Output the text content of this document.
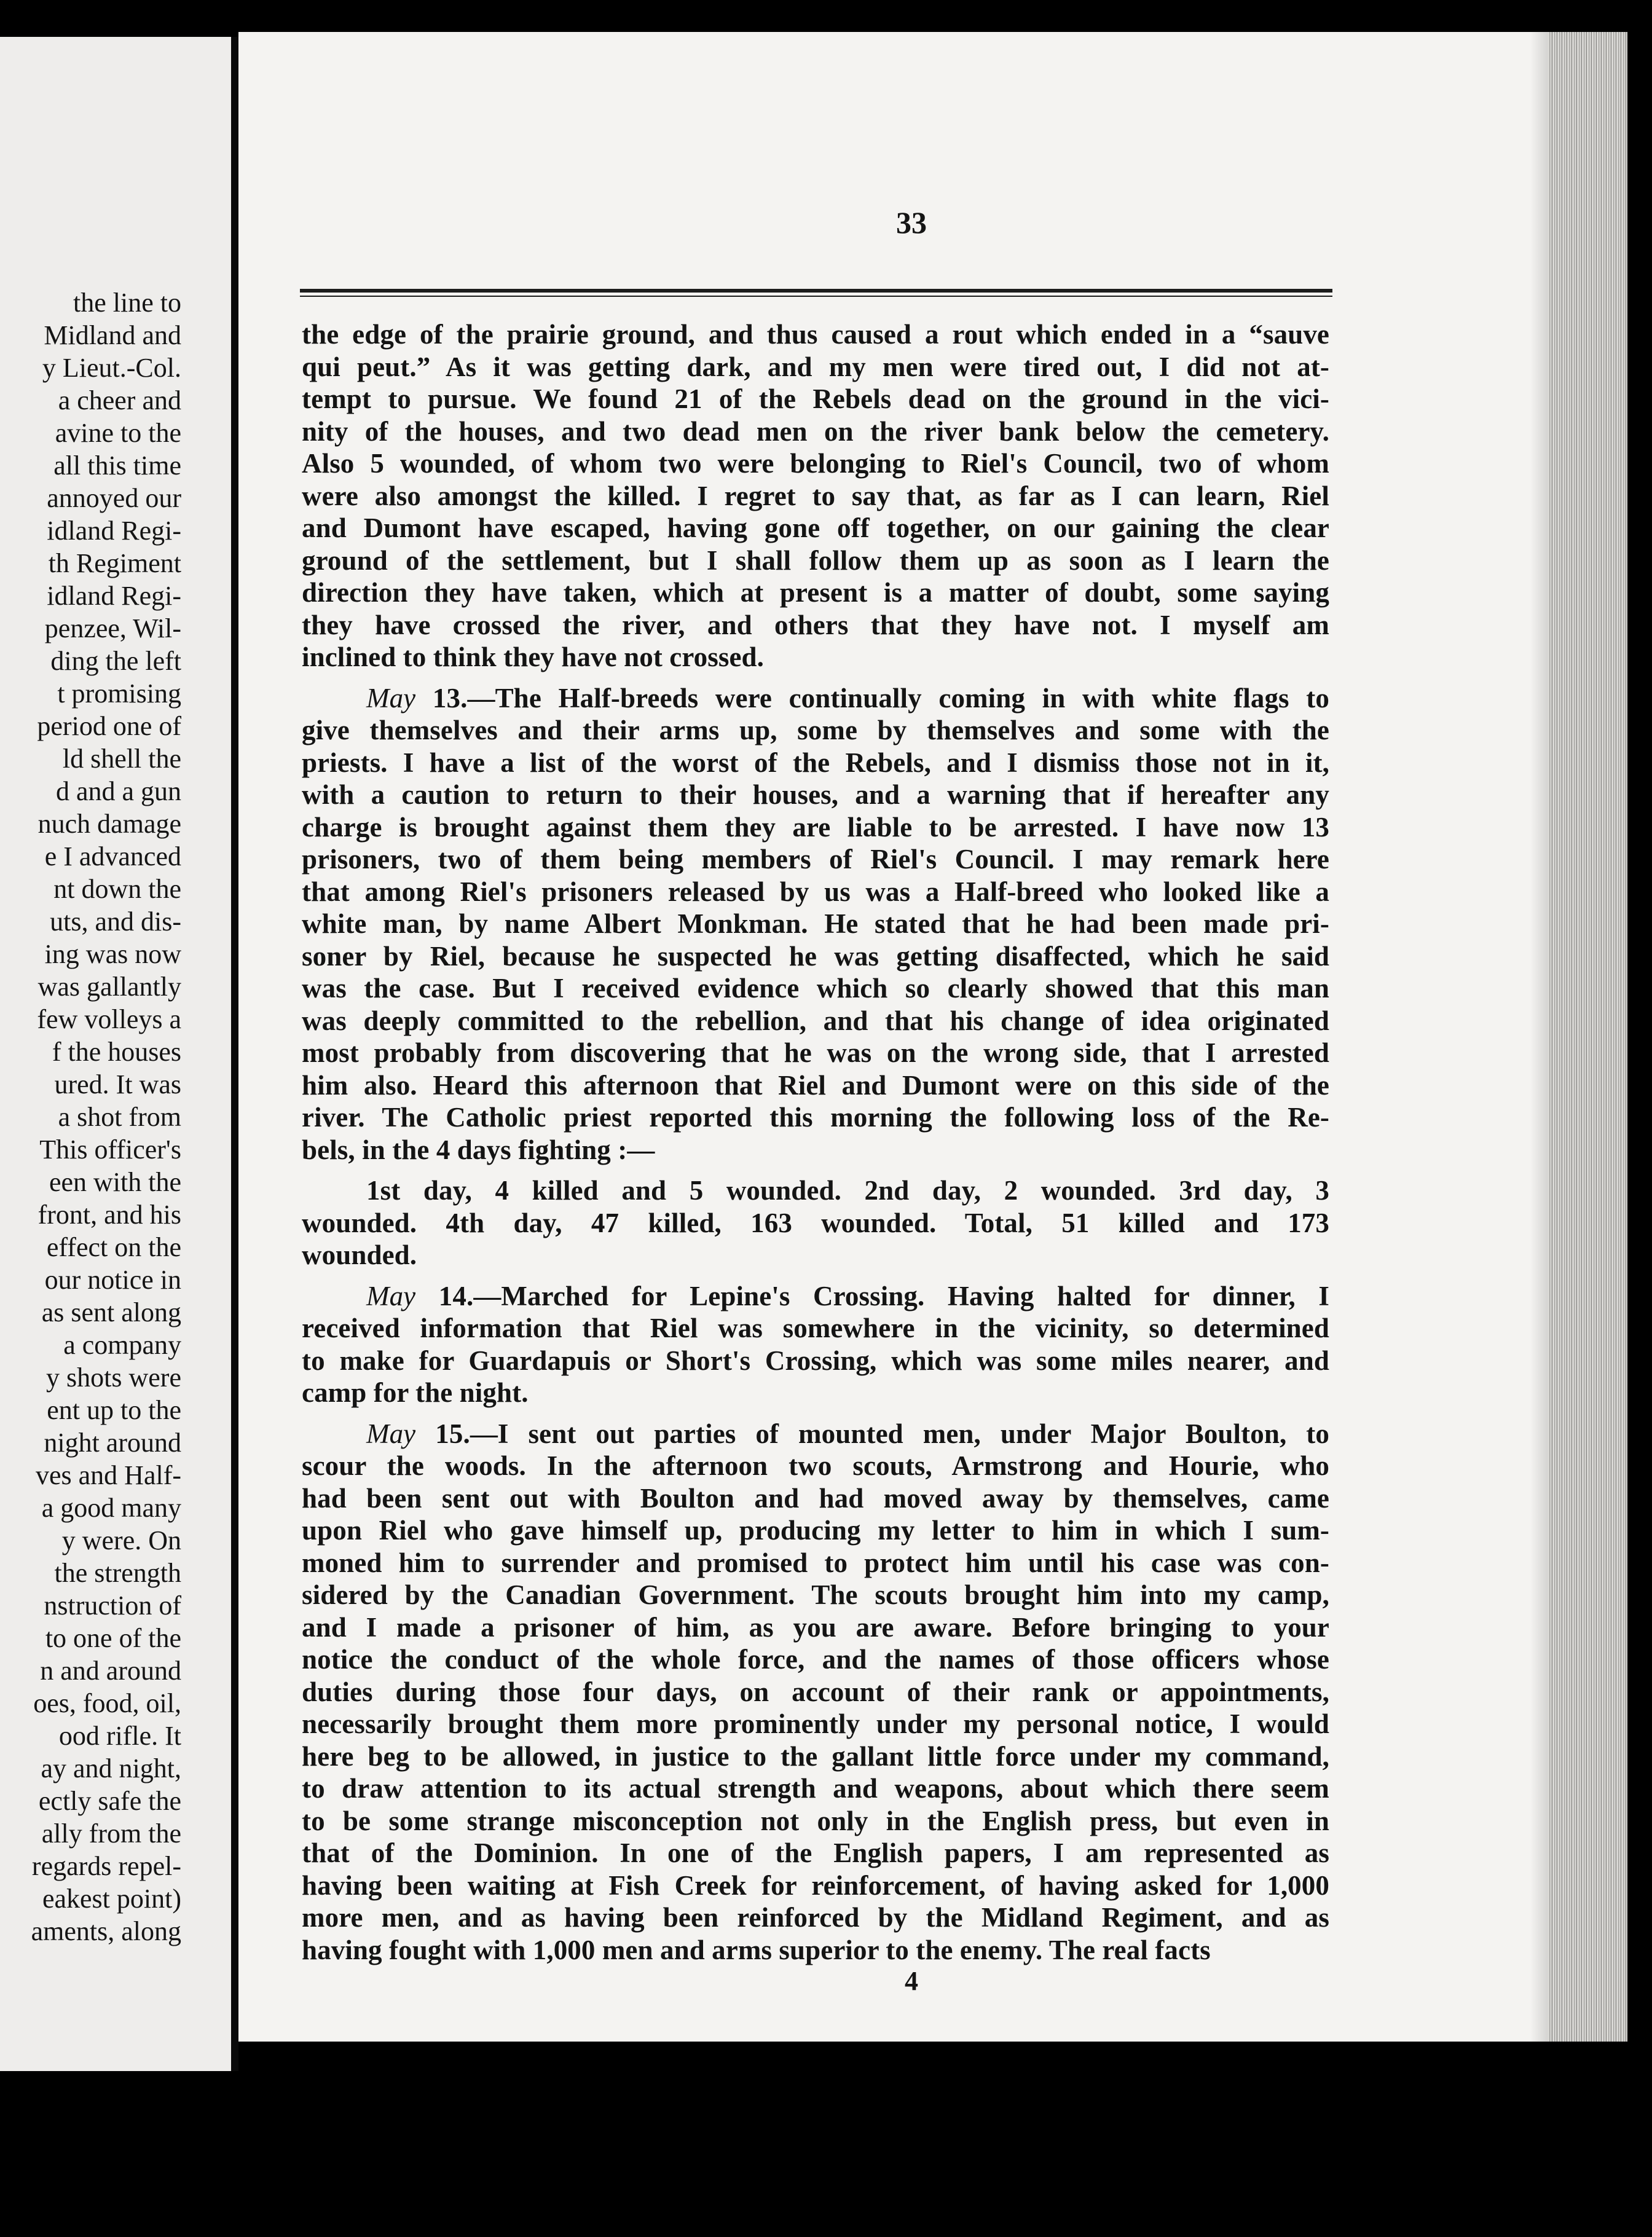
the line to
Midland and
y Lieut.-Col.
a cheer and
avine to the
all this time
annoyed our
idland Regi-
th Regiment
idland Regi-
penzee, Wil-
ding the left
t promising
period one of
ld shell the
d and a gun
nuch damage
e I advanced
nt down the
uts, and dis-
ing was now
was gallantly
few volleys a
f the houses
ured. It was
a shot from
This officer's
een with the
front, and his
effect on the
our notice in
as sent along
a company
y shots were
ent up to the
night around
ves and Half-
a good many
y were. On
the strength
nstruction of
to one of the
n and around
oes, food, oil,
ood rifle. It
ay and night,
ectly safe the
ally from the
regards repel-
eakest point)
aments, along
33
the edge of the prairie ground, and thus caused a rout which ended in a “sauve
qui peut.” As it was getting dark, and my men were tired out, I did not at-
tempt to pursue. We found 21 of the Rebels dead on the ground in the vici-
nity of the houses, and two dead men on the river bank below the cemetery.
Also 5 wounded, of whom two were belonging to Riel's Council, two of whom
were also amongst the killed. I regret to say that, as far as I can learn, Riel
and Dumont have escaped, having gone off together, on our gaining the clear
ground of the settlement, but I shall follow them up as soon as I learn the
direction they have taken, which at present is a matter of doubt, some saying
they have crossed the river, and others that they have not. I myself am
inclined to think they have not crossed.
May 13.—The Half-breeds were continually coming in with white flags to
give themselves and their arms up, some by themselves and some with the
priests. I have a list of the worst of the Rebels, and I dismiss those not in it,
with a caution to return to their houses, and a warning that if hereafter any
charge is brought against them they are liable to be arrested. I have now 13
prisoners, two of them being members of Riel's Council. I may remark here
that among Riel's prisoners released by us was a Half-breed who looked like a
white man, by name Albert Monkman. He stated that he had been made pri-
soner by Riel, because he suspected he was getting disaffected, which he said
was the case. But I received evidence which so clearly showed that this man
was deeply committed to the rebellion, and that his change of idea originated
most probably from discovering that he was on the wrong side, that I arrested
him also. Heard this afternoon that Riel and Dumont were on this side of the
river. The Catholic priest reported this morning the following loss of the Re-
bels, in the 4 days fighting :—
1st day, 4 killed and 5 wounded. 2nd day, 2 wounded. 3rd day, 3
wounded. 4th day, 47 killed, 163 wounded. Total, 51 killed and 173
wounded.
May 14.—Marched for Lepine's Crossing. Having halted for dinner, I
received information that Riel was somewhere in the vicinity, so determined
to make for Guardapuis or Short's Crossing, which was some miles nearer, and
camp for the night.
May 15.—I sent out parties of mounted men, under Major Boulton, to
scour the woods. In the afternoon two scouts, Armstrong and Hourie, who
had been sent out with Boulton and had moved away by themselves, came
upon Riel who gave himself up, producing my letter to him in which I sum-
moned him to surrender and promised to protect him until his case was con-
sidered by the Canadian Government. The scouts brought him into my camp,
and I made a prisoner of him, as you are aware. Before bringing to your
notice the conduct of the whole force, and the names of those officers whose
duties during those four days, on account of their rank or appointments,
necessarily brought them more prominently under my personal notice, I would
here beg to be allowed, in justice to the gallant little force under my command,
to draw attention to its actual strength and weapons, about which there seem
to be some strange misconception not only in the English press, but even in
that of the Dominion. In one of the English papers, I am represented as
having been waiting at Fish Creek for reinforcement, of having asked for 1,000
more men, and as having been reinforced by the Midland Regiment, and as
having fought with 1,000 men and arms superior to the enemy. The real facts
4
